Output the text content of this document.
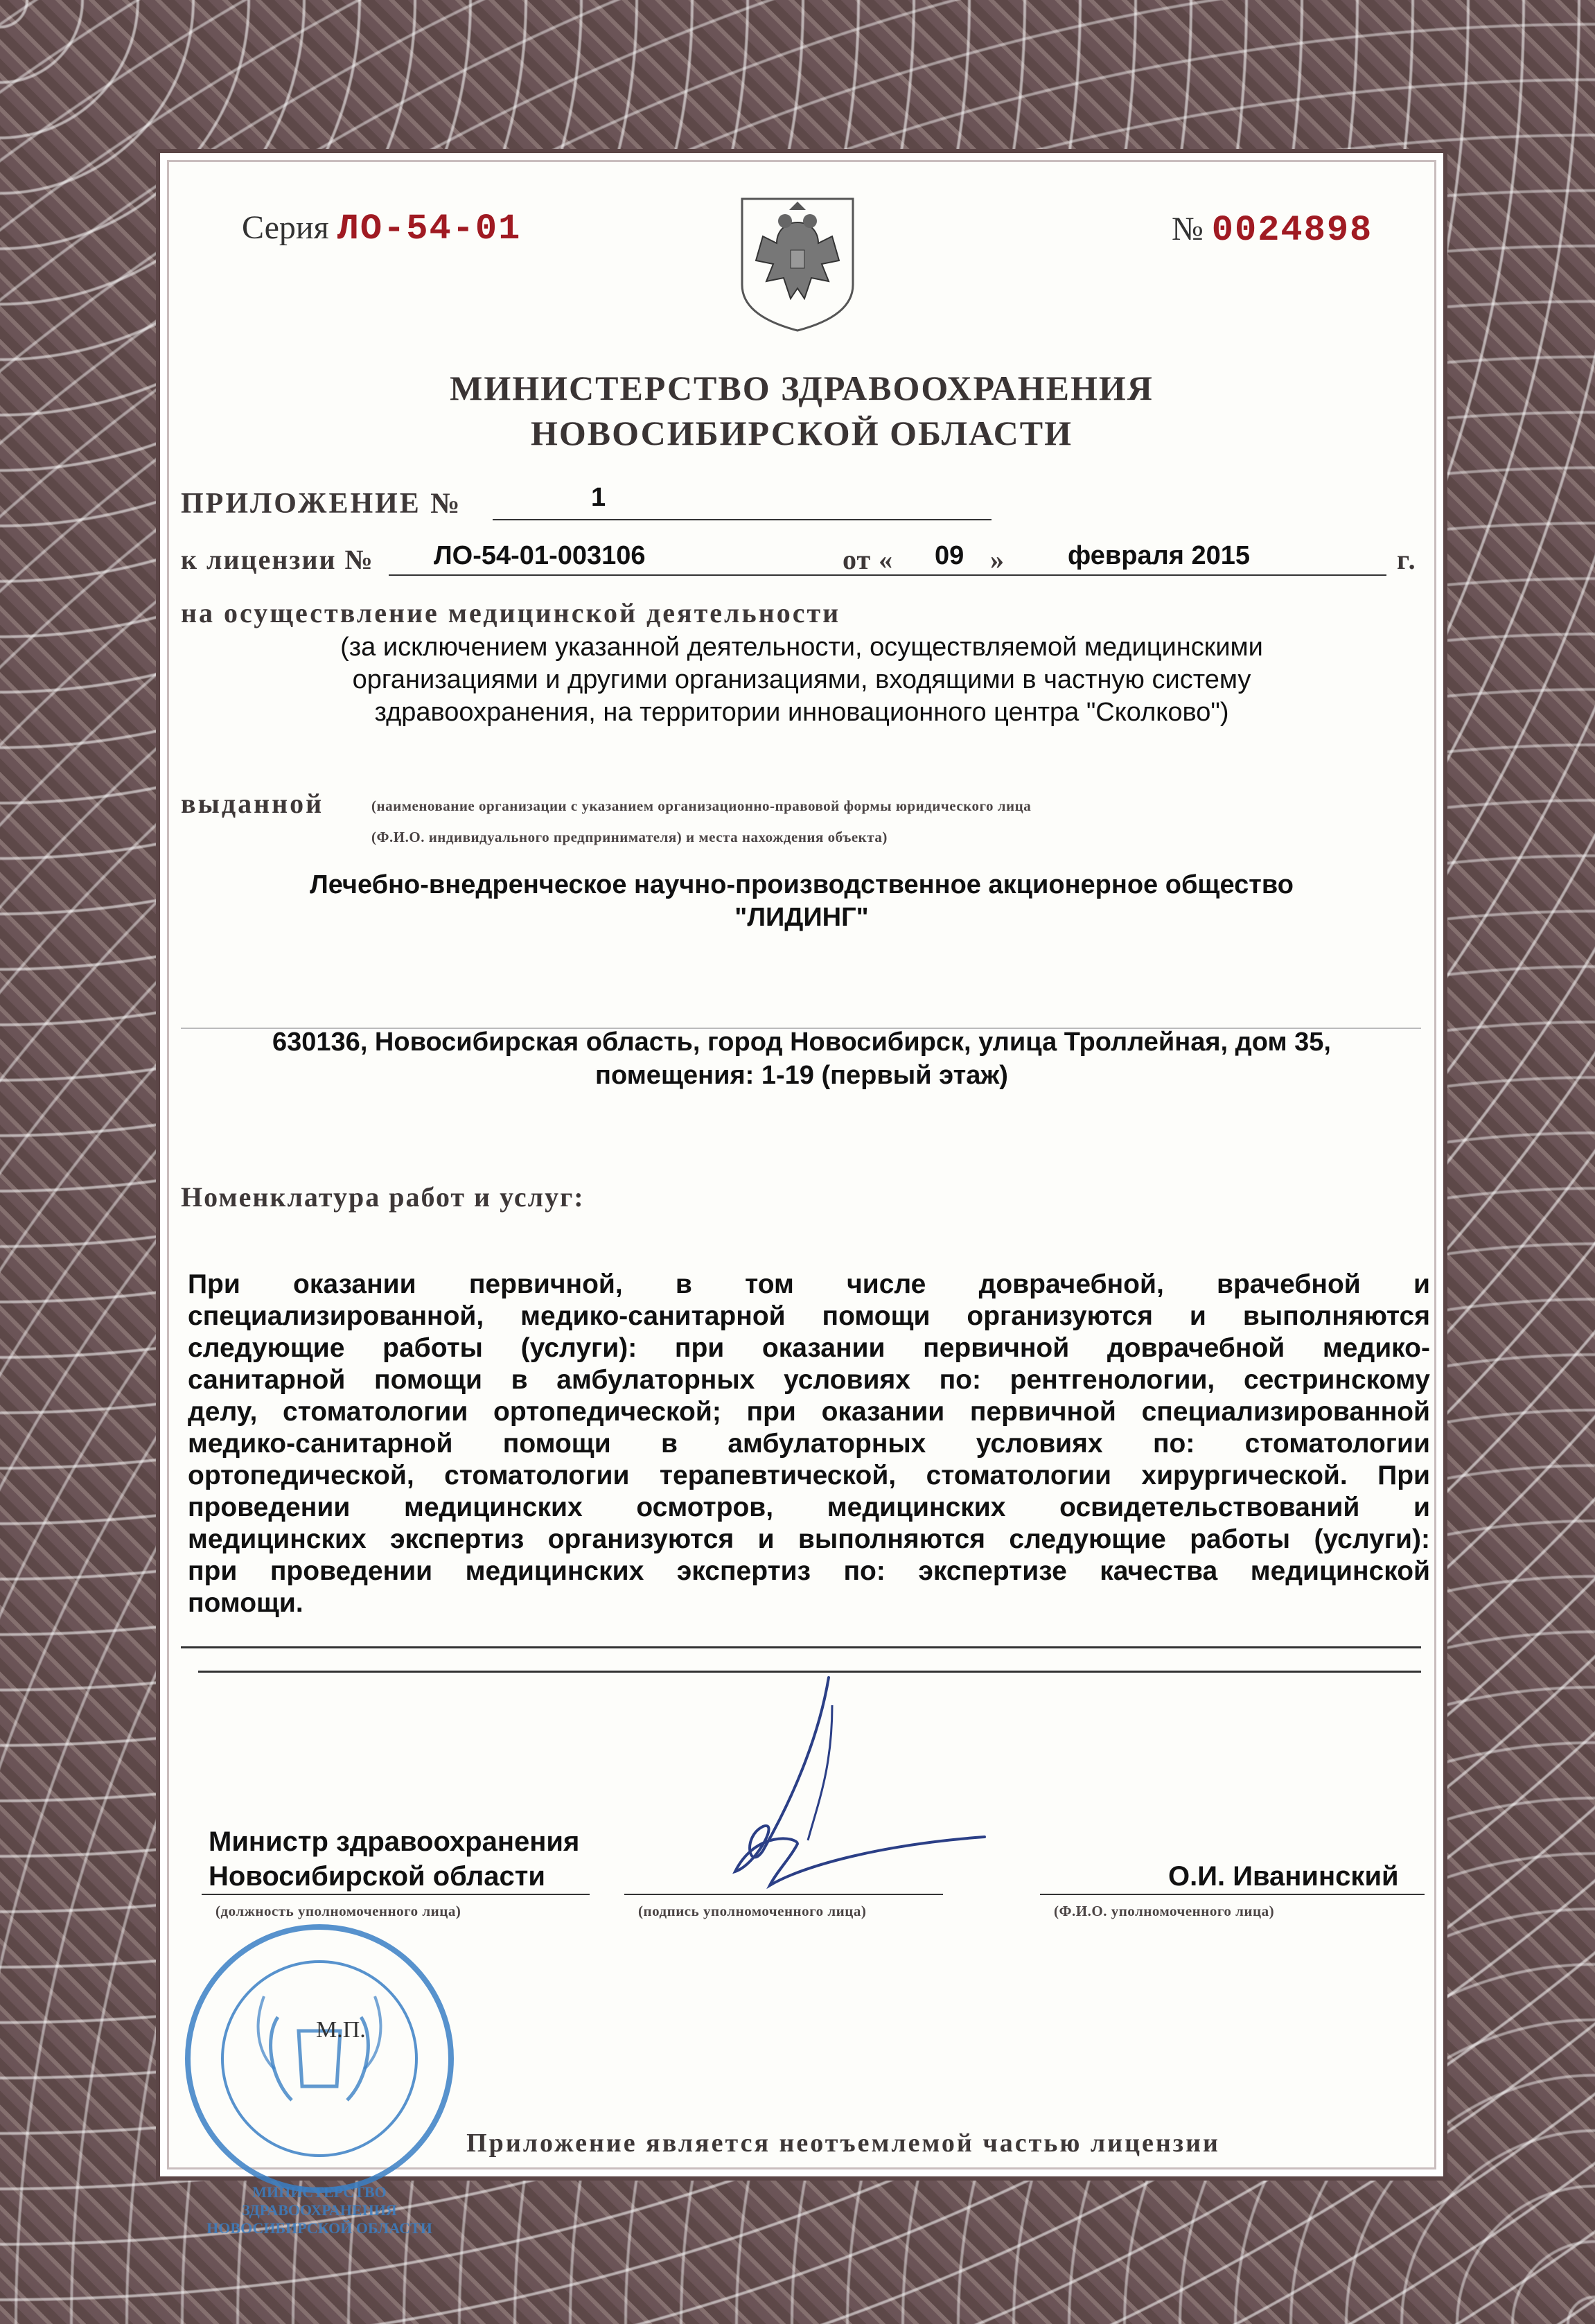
Серия ЛО-54-01	№ 0024898
МИНИСТЕРСТВО ЗДРАВООХРАНЕНИЯ
НОВОСИБИРСКОЙ ОБЛАСТИ
ПРИЛОЖЕНИЕ №	1
к лицензии № ЛО-54-01-003106	от « 09 » февраля 2015	г.
на осуществление медицинской деятельности
(за исключением указанной деятельности, осуществляемой медицинскими
организациями и другими организациями, входящими в частную систему
здравоохранения, на территории инновационного центра "Сколково")
выданной	(наименование организации с указанием организационно-правовой формы юридического лица
(Ф.И.О. индивидуального предпринимателя) и места нахождения объекта)
Лечебно-внедренческое научно-производственное акционерное общество
"ЛИДИНГ"
630136, Новосибирская область, город Новосибирск, улица Троллейная, дом 35,
помещения: 1-19 (первый этаж)
Номенклатура работ и услуг:
При оказании первичной, в том числе доврачебной, врачебной и
специализированной, медико-санитарной помощи организуются и выполняются
следующие работы (услуги): при оказании первичной доврачебной медико-
санитарной помощи в амбулаторных условиях по: рентгенологии, сестринскому
делу, стоматологии ортопедической; при оказании первичной специализированной
медико-санитарной помощи в амбулаторных условиях по: стоматологии
ортопедической, стоматологии терапевтической, стоматологии хирургической. При
проведении медицинских осмотров, медицинских освидетельствований и
медицинских экспертиз организуются и выполняются следующие работы (услуги):
при проведении медицинских экспертиз по: экспертизе качества медицинской
помощи.
Министр здравоохранения
Новосибирской области
(должность уполномоченного лица)	(подпись уполномоченного лица)
О.И. Иванинский
(Ф.И.О. уполномоченного лица)
МИНИСТЕРСТВО ЗДРАВООХРАНЕНИЯ НОВОСИБИРСКОЙ ОБЛАСТИ
М.П.
Приложение является неотъемлемой частью лицензии
